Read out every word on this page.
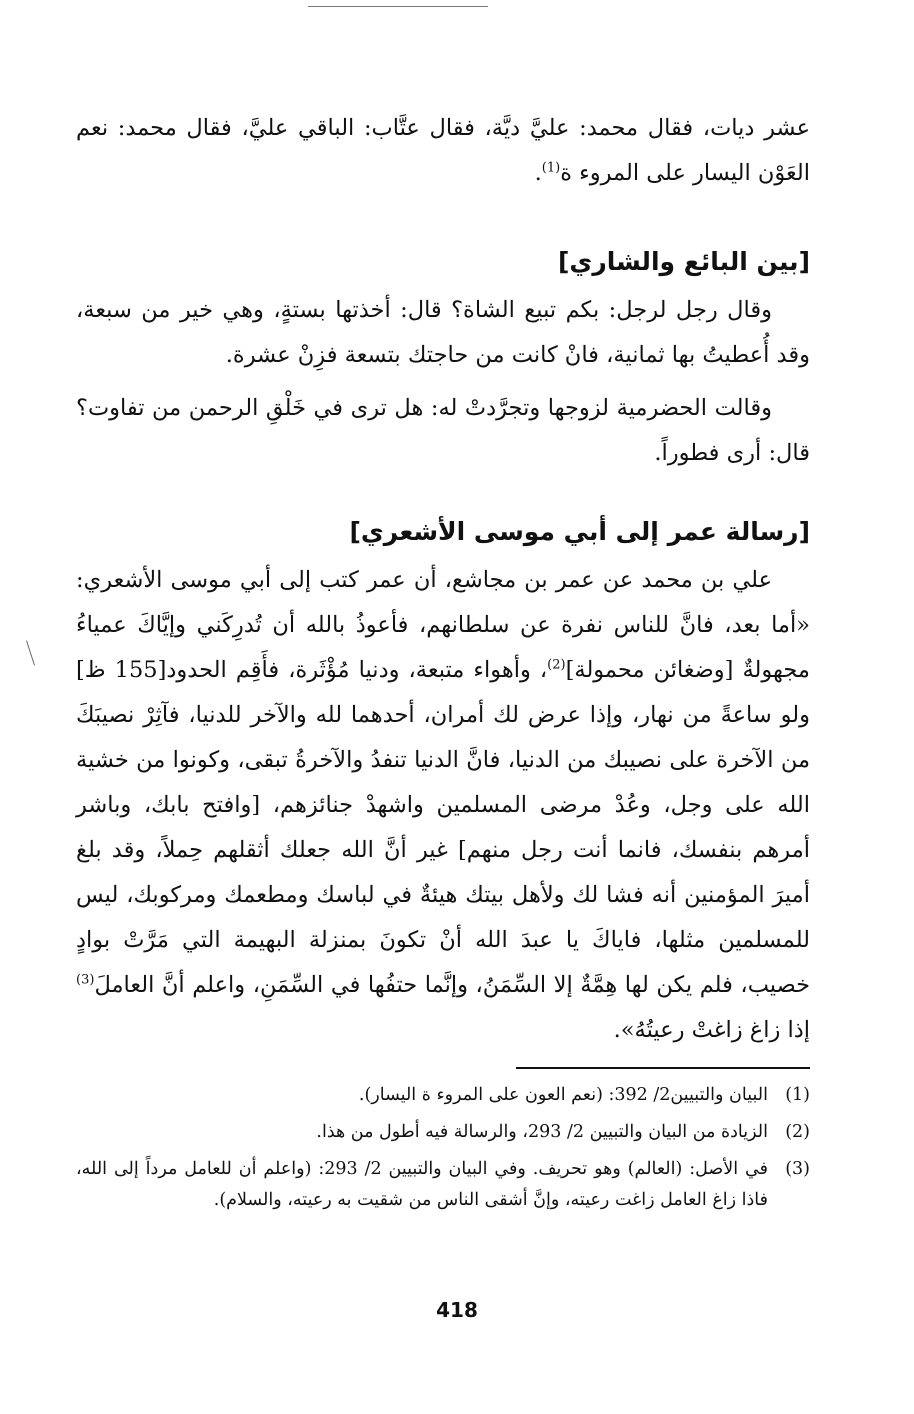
عشر ديات، فقال محمد: عليَّ ديَّة، فقال عتَّاب: الباقي عليَّ، فقال محمد: نعم العَوْن اليسار على المروء ة$^{(1)}$.

[بين البائع والشاري]

وقال رجل لرجل: بكم تبيع الشاة؟ قال: أخذتها بستةٍ، وهي خير من سبعة، وقد أُعطيتُ بها ثمانية، فانْ كانت من حاجتك بتسعة فزِنْ عشرة.

وقالت الحضرمية لزوجها وتجرَّدتْ له: هل ترى في خَلْقِ الرحمن من تفاوت؟ قال: أرى فطوراً.

[رسالة عمر إلى أبي موسى الأشعري]

علي بن محمد عن عمر بن مجاشع، أن عمر كتب إلى أبي موسى الأشعري: «أما بعد، فانَّ للناس نفرة عن سلطانهم، فأعوذُ بالله أن تُدرِكَني وإيَّاكَ عمياءُ مجهولةٌ [وضغائن محمولة]$^{(2)}$، وأهواء متبعة، ودنيا مُؤْثَرة، فأَقِم الحدود[155 ظ] ولو ساعةً من نهار، وإذا عرض لك أمران، أحدهما لله والآخر للدنيا، فآثِرْ نصيبَكَ من الآخرة على نصيبك من الدنيا، فانَّ الدنيا تنفدُ والآخرةُ تبقى، وكونوا من خشية الله على وجل، وعُدْ مرضى المسلمين واشهدْ جنائزهم، [وافتح بابك، وباشر أمرهم بنفسك، فانما أنت رجل منهم] غير أنَّ الله جعلك أثقلهم حِملاً، وقد بلغ أميرَ المؤمنين أنه فشا لك ولأهل بيتك هيئةٌ في لباسك ومطعمك ومركوبك، ليس للمسلمين مثلها، فاياكَ يا عبدَ الله أنْ تكونَ بمنزلة البهيمة التي مَرَّتْ بوادٍ خصيب، فلم يكن لها هِمَّةٌ إلا السِّمَنُ، وإنَّما حتفُها في السِّمَنِ، واعلم أنَّ العاملَ$^{(3)}$ إذا زاغ زاغتْ رعيتُهُ».

(1)
البيان والتبيين2/ 392: (نعم العون على المروء ة اليسار).
(2)
الزيادة من البيان والتبيين 2/ 293، والرسالة فيه أطول من هذا.
(3)
في الأصل: (العالم) وهو تحريف. وفي البيان والتبيين 2/ 293: (واعلم أن للعامل مرداً إلى الله، فاذا زاغ العامل زاغت رعيته، وإنَّ أشقى الناس من شقيت به رعيته، والسلام).
418
